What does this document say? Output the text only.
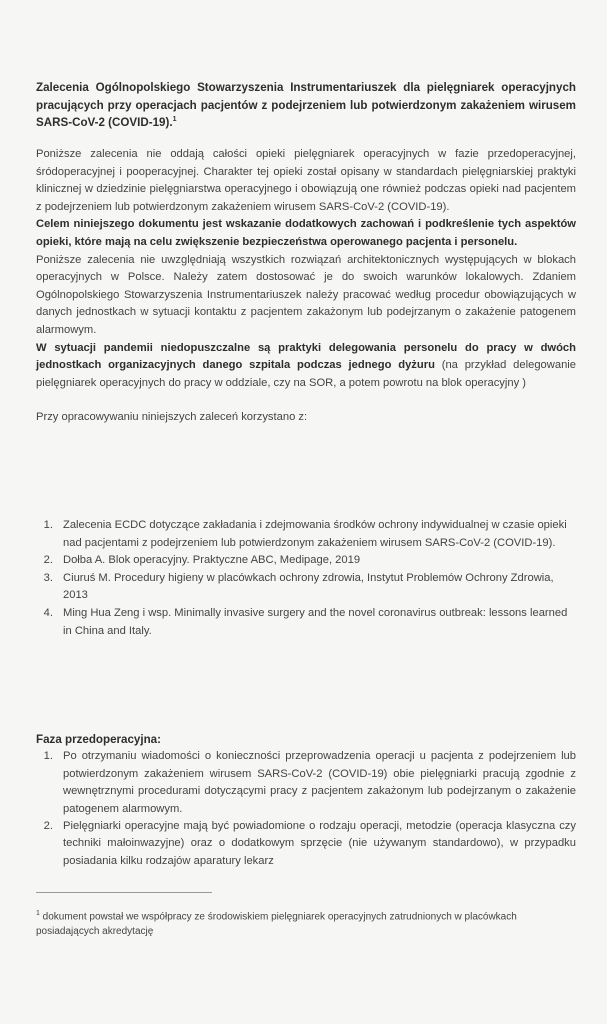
Zalecenia Ogólnopolskiego Stowarzyszenia Instrumentariuszek dla pielęgniarek operacyjnych pracujących przy operacjach pacjentów z podejrzeniem lub potwierdzonym zakażeniem wirusem SARS-CoV-2 (COVID-19).$^1$

Poniższe zalecenia nie oddają całości opieki pielęgniarek operacyjnych w fazie przedoperacyjnej, śródoperacyjnej i pooperacyjnej. Charakter tej opieki został opisany w standardach pielęgniarskiej praktyki klinicznej w dziedzinie pielęgniarstwa operacyjnego i obowiązują one również podczas opieki nad pacjentem z podejrzeniem lub potwierdzonym zakażeniem wirusem SARS-CoV-2 (COVID-19).

Celem niniejszego dokumentu jest wskazanie dodatkowych zachowań i podkreślenie tych aspektów opieki, które mają na celu zwiększenie bezpieczeństwa operowanego pacjenta i personelu.

Poniższe zalecenia nie uwzględniają wszystkich rozwiązań architektonicznych występujących w blokach operacyjnych w Polsce. Należy zatem dostosować je do swoich warunków lokalowych. Zdaniem Ogólnopolskiego Stowarzyszenia Instrumentariuszek należy pracować według procedur obowiązujących w danych jednostkach w sytuacji kontaktu z pacjentem zakażonym lub podejrzanym o zakażenie patogenem alarmowym.

W sytuacji pandemii niedopuszczalne są praktyki delegowania personelu do pracy w dwóch jednostkach organizacyjnych danego szpitala podczas jednego dyżuru (na przykład delegowanie pielęgniarek operacyjnych do pracy w oddziale, czy na SOR, a potem powrotu na blok operacyjny )

Przy opracowywaniu niniejszych zaleceń korzystano z:

1. Zalecenia ECDC dotyczące zakładania i zdejmowania środków ochrony indywidualnej w czasie opieki nad pacjentami z podejrzeniem lub potwierdzonym zakażeniem wirusem SARS-CoV-2 (COVID-19).
2. Dołba A. Blok operacyjny. Praktyczne ABC, Medipage, 2019
3. Ciuruś M. Procedury higieny w placówkach ochrony zdrowia, Instytut Problemów Ochrony Zdrowia, 2013
4. Ming Hua Zeng i wsp. Minimally invasive surgery and the novel coronavirus outbreak: lessons learned in China and Italy.
Faza przedoperacyjna:
1. Po otrzymaniu wiadomości o konieczności przeprowadzenia operacji u pacjenta z podejrzeniem lub potwierdzonym zakażeniem wirusem SARS-CoV-2 (COVID-19) obie pielęgniarki pracują zgodnie z wewnętrznymi procedurami dotyczącymi pracy z pacjentem zakażonym lub podejrzanym o zakażenie patogenem alarmowym.
2. Pielęgniarki operacyjne mają być powiadomione o rodzaju operacji, metodzie (operacja klasyczna czy techniki małoinwazyjne) oraz o dodatkowym sprzęcie (nie używanym standardowo), w przypadku posiadania kilku rodzajów aparatury lekarz
$^1$ dokument powstał we współpracy ze środowiskiem pielęgniarek operacyjnych zatrudnionych w placówkach posiadających akredytację
